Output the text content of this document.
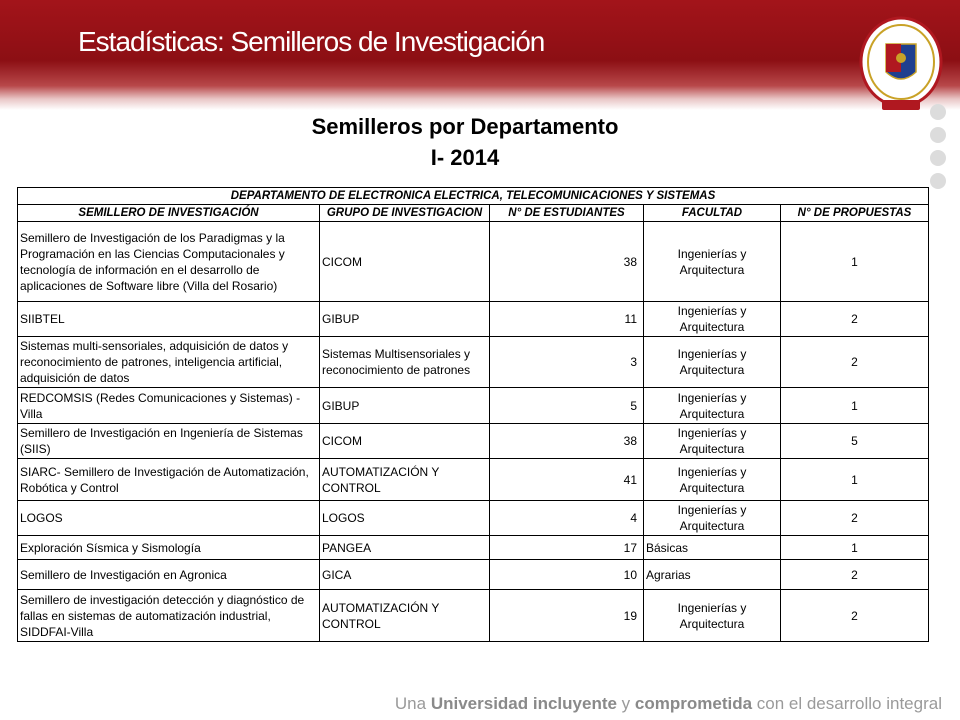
Estadísticas: Semilleros de Investigación
Semilleros por Departamento
I- 2014
DEPARTAMENTO DE ELECTRONICA ELECTRICA, TELECOMUNICACIONES Y SISTEMAS				
SEMILLERO DE INVESTIGACIÓN	GRUPO DE INVESTIGACION	N° DE ESTUDIANTES	FACULTAD	N° DE PROPUESTAS
Semillero de Investigación de los Paradigmas y la Programación en las Ciencias Computacionales y tecnología de información en el desarrollo de aplicaciones de Software libre (Villa del Rosario)	CICOM	38	Ingenierías y Arquitectura	1
SIIBTEL	GIBUP	11	Ingenierías y Arquitectura	2
Sistemas multi-sensoriales, adquisición de datos y reconocimiento de patrones, inteligencia artificial, adquisición de datos	Sistemas Multisensoriales y reconocimiento de patrones	3	Ingenierías y Arquitectura	2
REDCOMSIS (Redes Comunicaciones y Sistemas) - Villa	GIBUP	5	Ingenierías y Arquitectura	1
Semillero de Investigación en Ingeniería de Sistemas (SIIS)	CICOM	38	Ingenierías y Arquitectura	5
SIARC- Semillero de Investigación de Automatización, Robótica y Control	AUTOMATIZACIÓN Y CONTROL	41	Ingenierías y Arquitectura	1
LOGOS	LOGOS	4	Ingenierías y Arquitectura	2
Exploración Sísmica y Sismología	PANGEA	17	Básicas	1
Semillero de Investigación en Agronica	GICA	10	Agrarias	2
Semillero de investigación detección y diagnóstico de fallas en sistemas de automatización industrial, SIDDFAI-Villa	AUTOMATIZACIÓN Y CONTROL	19	Ingenierías y Arquitectura	2
Una Universidad incluyente y comprometida con el desarrollo integral
